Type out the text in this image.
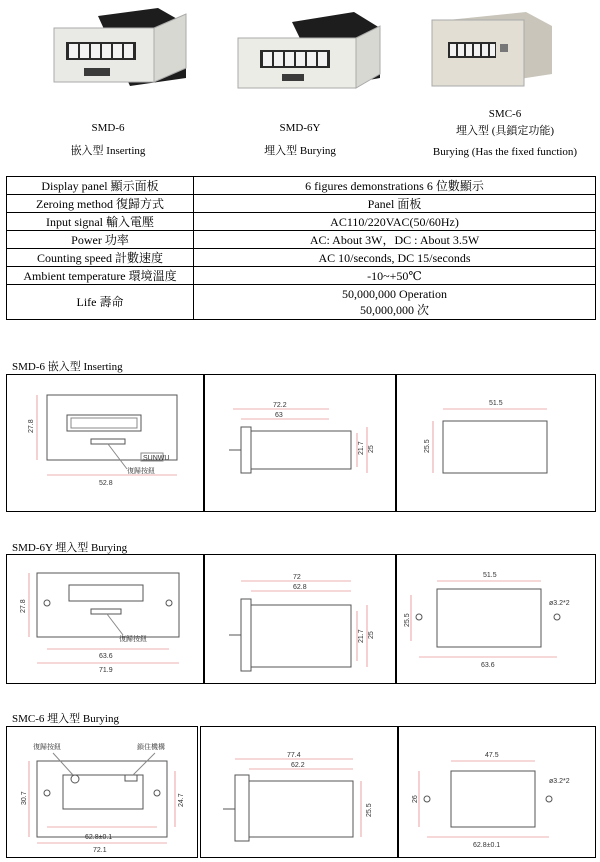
SMD-6
嵌入型 Inserting
SMD-6Y
埋入型 Burying
SMC-6
埋入型 (具鎖定功能)
Burying (Has the fixed function)
Display panel 顯示面板	6 figures demonstrations 6 位數顯示
Zeroing method 復歸方式	Panel 面板
Input signal 輸入電壓	AC110/220VAC(50/60Hz)
Power 功率	AC: About 3W，DC : About 3.5W
Counting speed 計數速度	AC 10/seconds, DC 15/seconds
Ambient temperature 環境溫度	-10~+50℃
Life 壽命	50,000,000 Operation
50,000,000 次
SMD-6 嵌入型 Inserting
SUNWU
復歸按鈕
27.8
52.8
72.2
63
21.7 25
51.5
25.5
SMD-6Y 埋入型 Burying
復歸按鈕
27.8
63.6
71.9
72
62.8
21.7 25
51.5
ø3.2*2
25.5
63.6
SMC-6 埋入型 Burying
復歸按鈕	鎖住機構
30.7	24.7
62.8±0.1
72.1
77.4
62.2
25.5
47.5
ø3.2*2
26
62.8±0.1
